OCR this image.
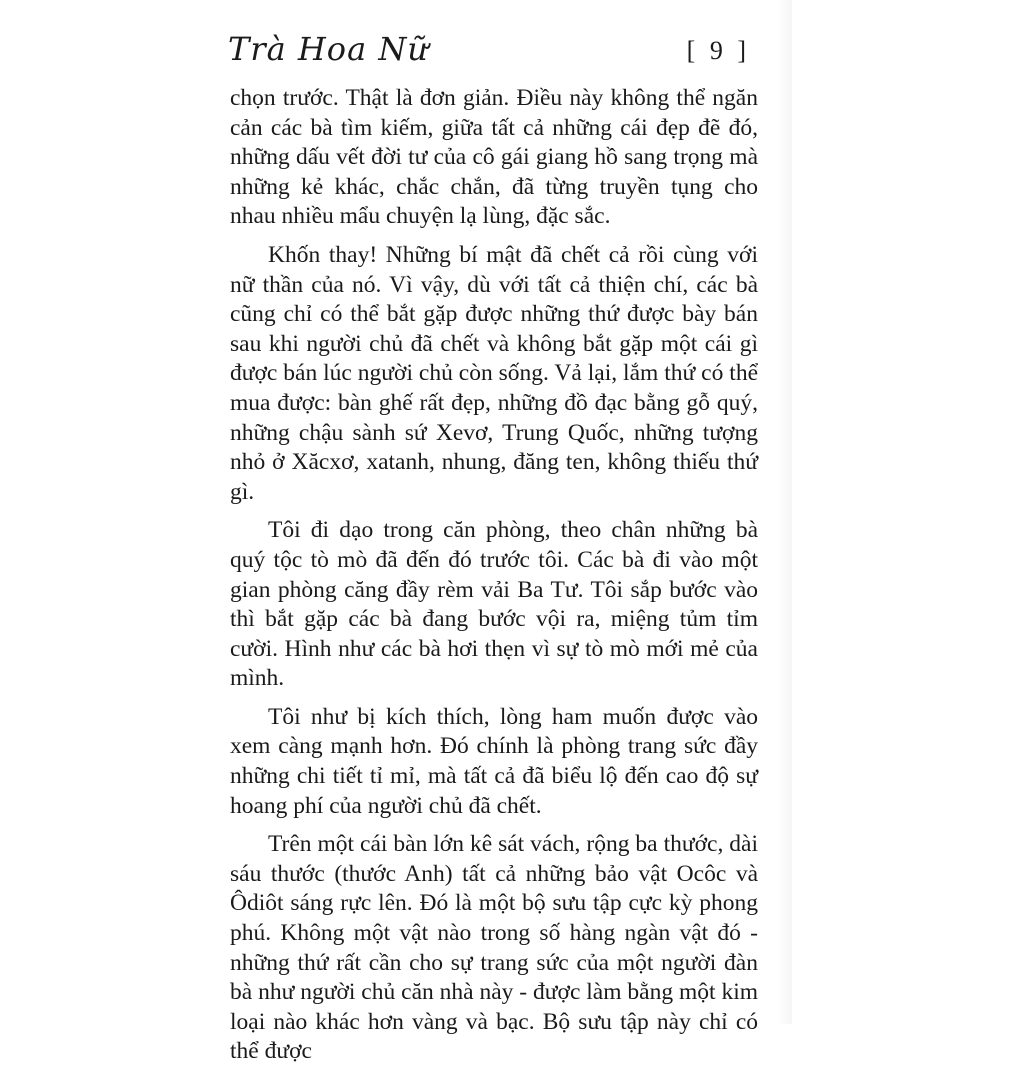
Trà Hoa Nữ	[ 9 ]

chọn trước. Thật là đơn giản. Điều này không thể ngăn cản các bà tìm kiếm, giữa tất cả những cái đẹp đẽ đó, những dấu vết đời tư của cô gái giang hồ sang trọng mà những kẻ khác, chắc chắn, đã từng truyền tụng cho nhau nhiều mẩu chuyện lạ lùng, đặc sắc.

Khốn thay! Những bí mật đã chết cả rồi cùng với nữ thần của nó. Vì vậy, dù với tất cả thiện chí, các bà cũng chỉ có thể bắt gặp được những thứ được bày bán sau khi người chủ đã chết và không bắt gặp một cái gì được bán lúc người chủ còn sống. Vả lại, lắm thứ có thể mua được: bàn ghế rất đẹp, những đồ đạc bằng gỗ quý, những chậu sành sứ Xevơ, Trung Quốc, những tượng nhỏ ở Xăcxơ, xatanh, nhung, đăng ten, không thiếu thứ gì.

Tôi đi dạo trong căn phòng, theo chân những bà quý tộc tò mò đã đến đó trước tôi. Các bà đi vào một gian phòng căng đầy rèm vải Ba Tư. Tôi sắp bước vào thì bắt gặp các bà đang bước vội ra, miệng tủm tỉm cười. Hình như các bà hơi thẹn vì sự tò mò mới mẻ của mình.

Tôi như bị kích thích, lòng ham muốn được vào xem càng mạnh hơn. Đó chính là phòng trang sức đầy những chi tiết tỉ mỉ, mà tất cả đã biểu lộ đến cao độ sự hoang phí của người chủ đã chết.

Trên một cái bàn lớn kê sát vách, rộng ba thước, dài sáu thước (thước Anh) tất cả những bảo vật Ocôc và Ôdiôt sáng rực lên. Đó là một bộ sưu tập cực kỳ phong phú. Không một vật nào trong số hàng ngàn vật đó - những thứ rất cần cho sự trang sức của một người đàn bà như người chủ căn nhà này - được làm bằng một kim loại nào khác hơn vàng và bạc. Bộ sưu tập này chỉ có thể được
